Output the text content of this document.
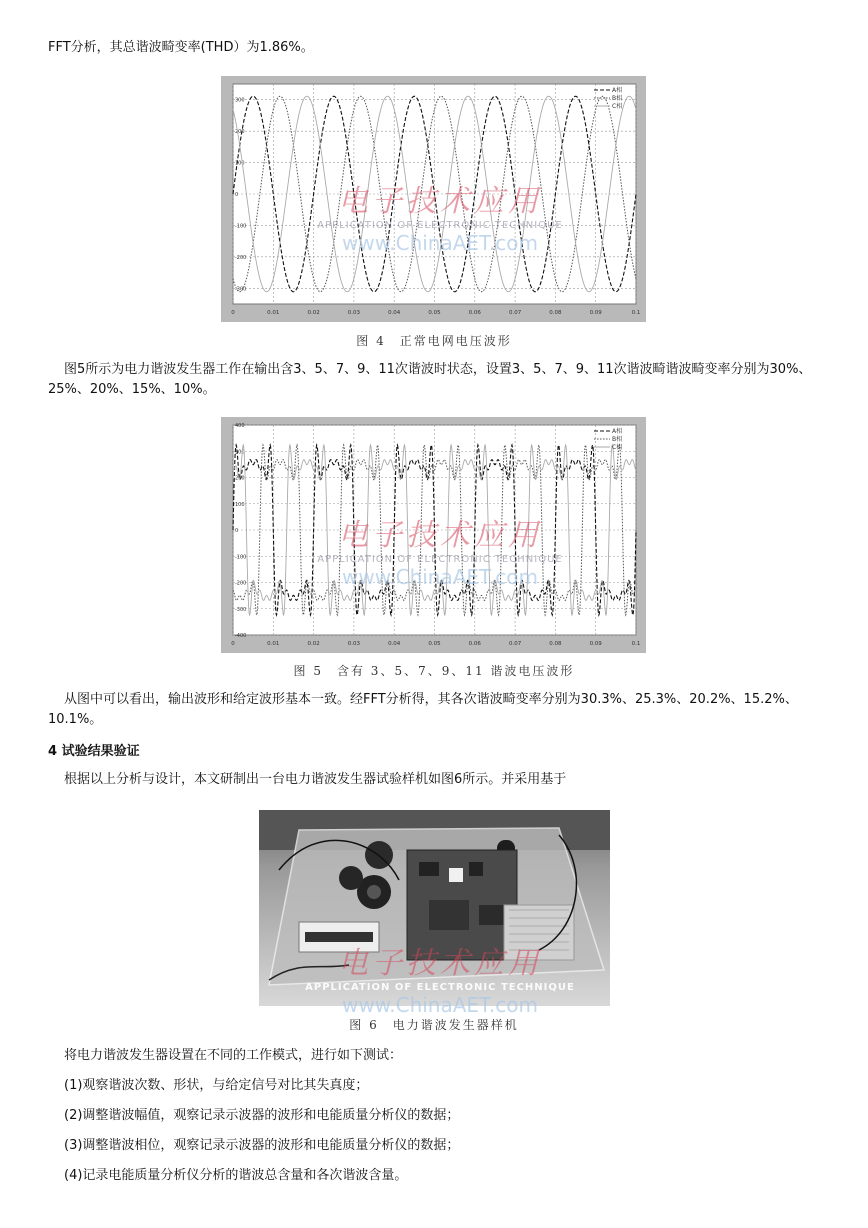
FFT分析，其总谐波畸变率(THD）为1.86%。
0	0.01	0.02	0.03	0.04	0.05	0.06	0.07	0.08	0.09	0.1
300
200
100
0
-100
-200
-300
A相
B相
C相
图 4　正常电网电压波形
图5所示为电力谐波发生器工作在输出含3、5、7、9、11次谐波时状态，设置3、5、7、9、11次谐波畸谐波畸变率分别为30%、25%、20%、15%、10%。
0	0.01	0.02	0.03	0.04	0.05	0.06	0.07	0.08	0.09	0.1
400
300
200
100
0
-100
-200
-300
-400
A相
B相
C相
图 5　含有 3、5、7、9、11 谐波电压波形
从图中可以看出，输出波形和给定波形基本一致。经FFT分析得，其各次谐波畸变率分别为30.3%、25.3%、20.2%、15.2%、10.1%。
4 试验结果验证
根据以上分析与设计，本文研制出一台电力谐波发生器试验样机如图6所示。并采用基于
图 6　电力谐波发生器样机
电子技术应用
APPLICATION OF ELECTRONIC TECHNIQUE
www.ChinaAET.com
电子技术应用
APPLICATION OF ELECTRONIC TECHNIQUE
www.ChinaAET.com
电子技术应用
APPLICATION OF ELECTRONIC TECHNIQUE
www.ChinaAET.com
将电力谐波发生器设置在不同的工作模式，进行如下测试：
(1)观察谐波次数、形状，与给定信号对比其失真度；
(2)调整谐波幅值，观察记录示波器的波形和电能质量分析仪的数据；
(3)调整谐波相位，观察记录示波器的波形和电能质量分析仪的数据；
(4)记录电能质量分析仪分析的谐波总含量和各次谐波含量。
